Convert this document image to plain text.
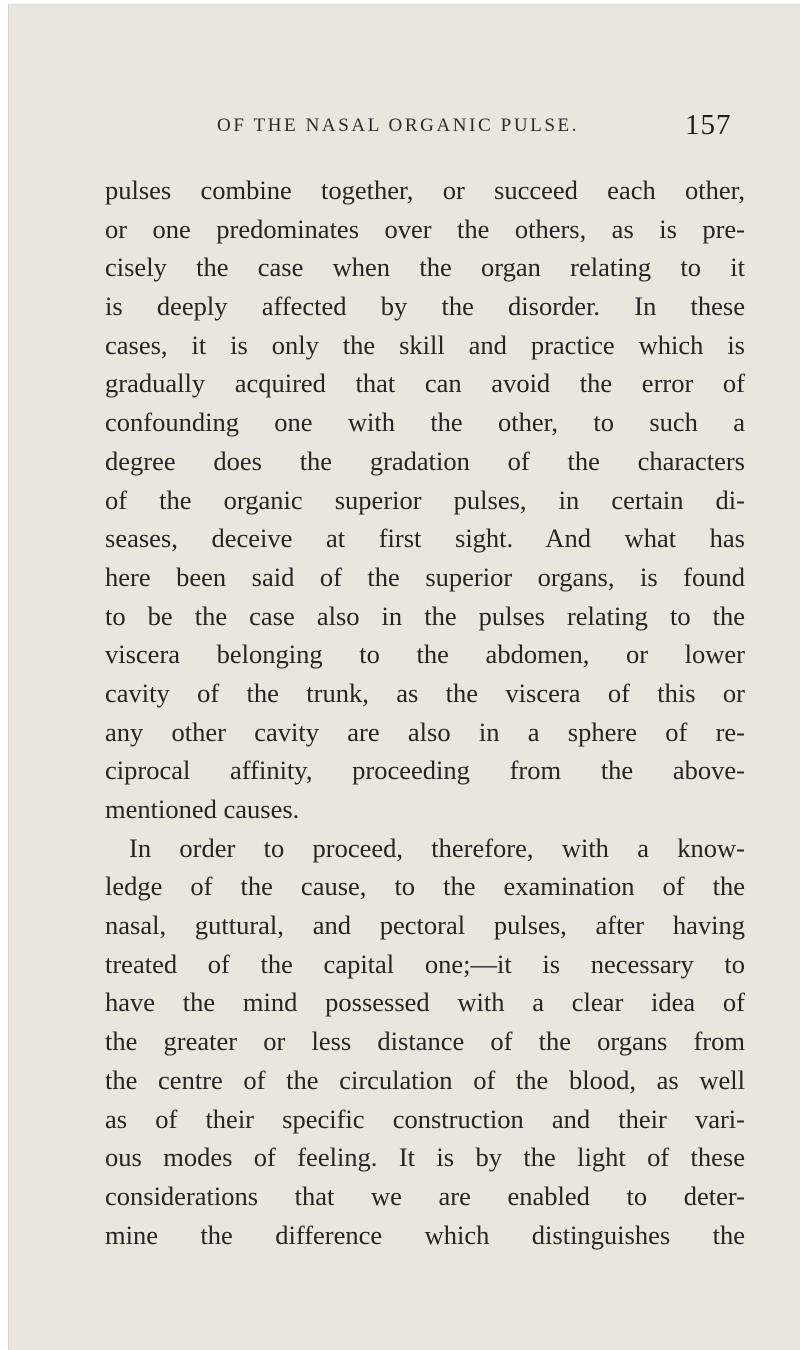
OF THE NASAL ORGANIC PULSE.	157
pulses combine together, or succeed each other,
or one predominates over the others, as is pre-
cisely the case when the organ relating to it
is deeply affected by the disorder. In these
cases, it is only the skill and practice which is
gradually acquired that can avoid the error of
confounding one with the other, to such a
degree does the gradation of the characters
of the organic superior pulses, in certain di-
seases, deceive at first sight. And what has
here been said of the superior organs, is found
to be the case also in the pulses relating to the
viscera belonging to the abdomen, or lower
cavity of the trunk, as the viscera of this or
any other cavity are also in a sphere of re-
ciprocal affinity, proceeding from the above-
mentioned causes.
In order to proceed, therefore, with a know-
ledge of the cause, to the examination of the
nasal, guttural, and pectoral pulses, after having
treated of the capital one;—it is necessary to
have the mind possessed with a clear idea of
the greater or less distance of the organs from
the centre of the circulation of the blood, as well
as of their specific construction and their vari-
ous modes of feeling. It is by the light of these
considerations that we are enabled to deter-
mine the difference which distinguishes the
